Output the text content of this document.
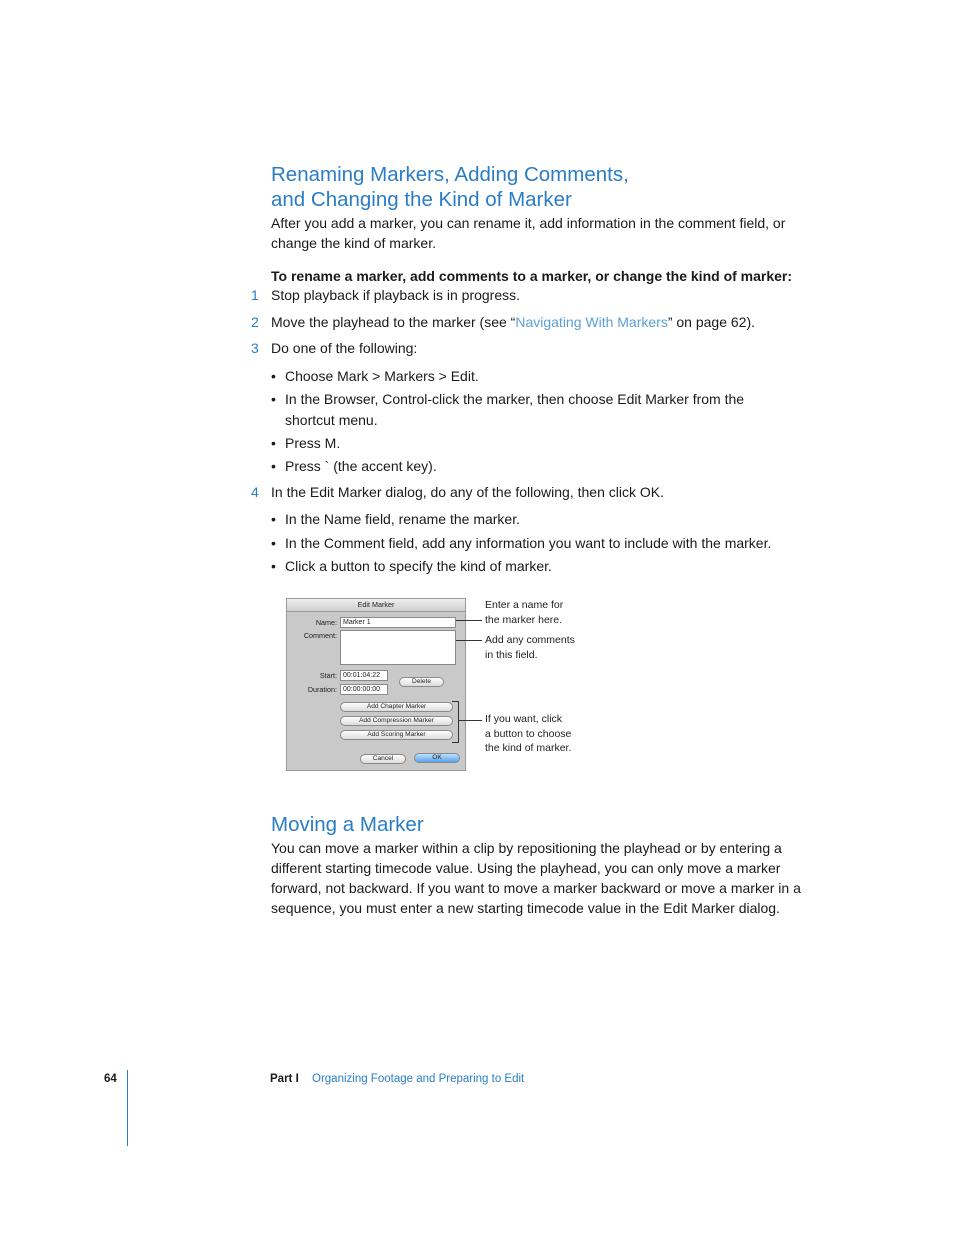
Renaming Markers, Adding Comments,
and Changing the Kind of Marker

After you add a marker, you can rename it, add information in the comment field, or
change the kind of marker.

To rename a marker, add comments to a marker, or change the kind of marker:

1 Stop playback if playback is in progress.
2 Move the playhead to the marker (see “Navigating With Markers” on page 62).
3 Do one of the following:
• Choose Mark > Markers > Edit.
• In the Browser, Control-click the marker, then choose Edit Marker from the shortcut menu.
• Press M.
• Press ` (the accent key).
4 In the Edit Marker dialog, do any of the following, then click OK.
• In the Name field, rename the marker.
• In the Comment field, add any information you want to include with the marker.
• Click a button to specify the kind of marker.
Edit Marker
Name: Marker 1
Comment:
Start: 00:01:04:22
Duration: 00:00:00:00
Delete
Add Chapter Marker
Add Compression Marker
Add Scoring Marker
Cancel	OK
Enter a name for
the marker here.
Add any comments
in this field.
If you want, click
a button to choose
the kind of marker.
Moving a Marker

You can move a marker within a clip by repositioning the playhead or by entering a
different starting timecode value. Using the playhead, you can only move a marker
forward, not backward. If you want to move a marker backward or move a marker in a
sequence, you must enter a new starting timecode value in the Edit Marker dialog.

64	Part I Organizing Footage and Preparing to Edit
